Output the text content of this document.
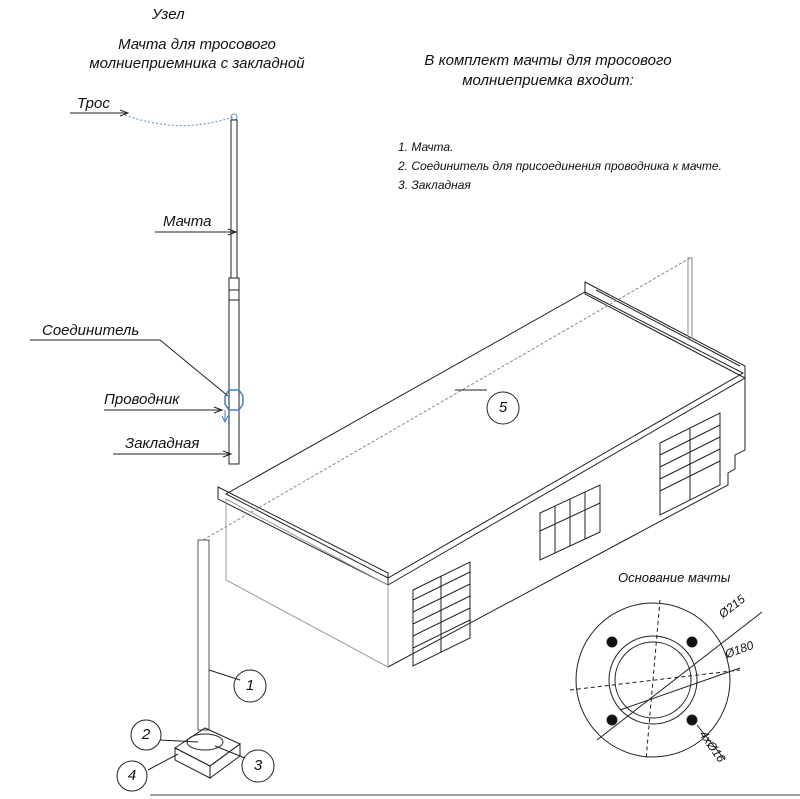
Узел
Мачта для тросового
молниеприемника с закладной
Трос
Мачта
Соединитель
Проводник
Закладная
В комплект мачты для тросового
молниеприемка входит:
1. Мачта.
2. Соединитель для присоединения проводника к мачте.
3. Закладная
1
2
3
4
5
Основание мачты
Ø215
Ø180
4xØ16
